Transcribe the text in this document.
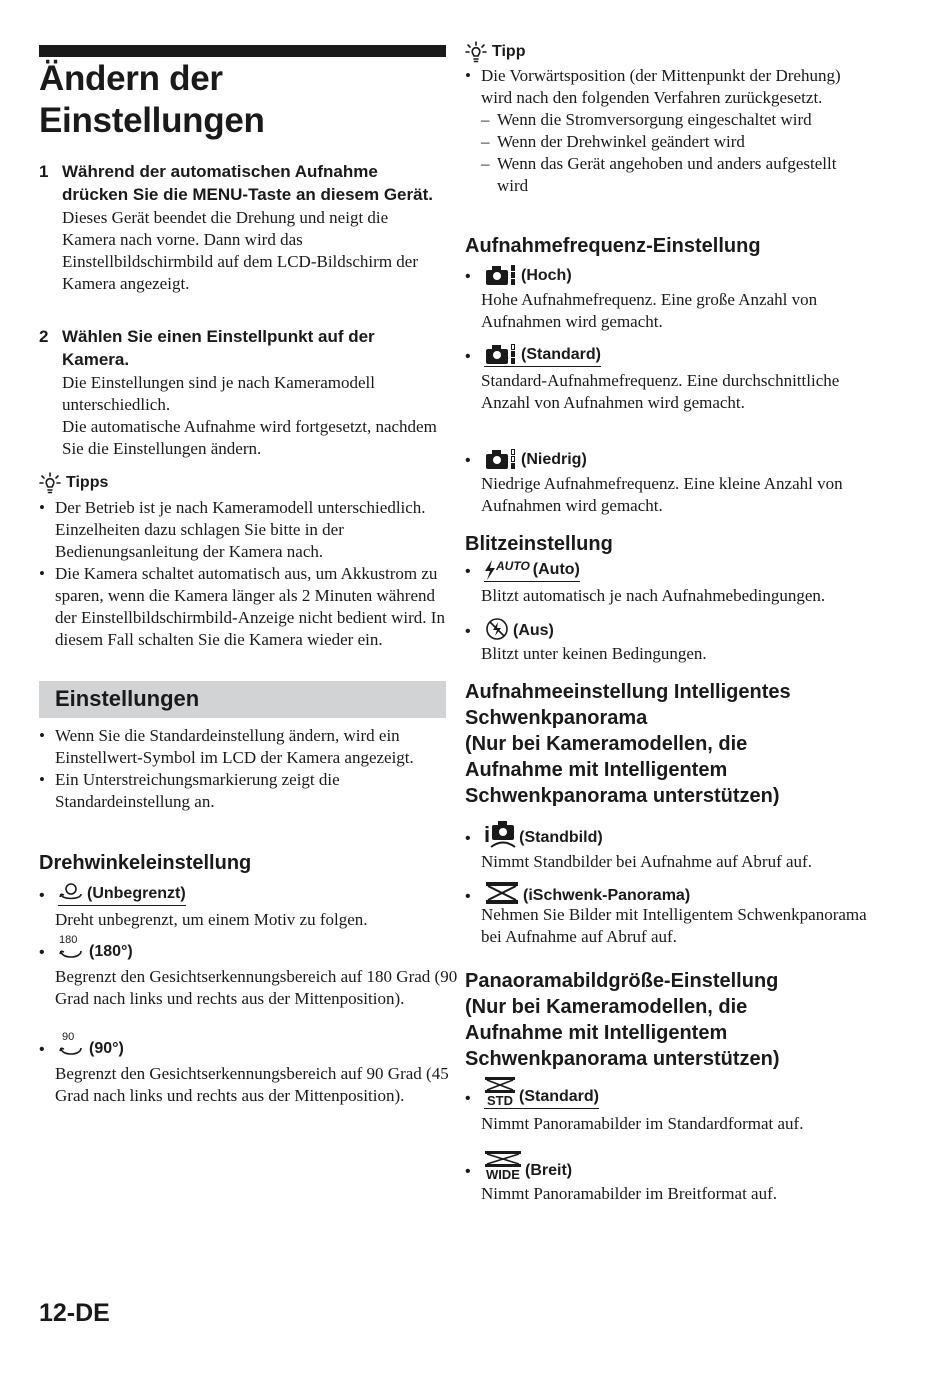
Ändern der Einstellungen
1 Während der automatischen Aufnahme drücken Sie die MENU-Taste an diesem Gerät.
Dieses Gerät beendet die Drehung und neigt die Kamera nach vorne. Dann wird das Einstellbildschirmbild auf dem LCD-Bildschirm der Kamera angezeigt.
2 Wählen Sie einen Einstellpunkt auf der Kamera.
Die Einstellungen sind je nach Kameramodell unterschiedlich.
Die automatische Aufnahme wird fortgesetzt, nachdem Sie die Einstellungen ändern.
Tipps
• Der Betrieb ist je nach Kameramodell unterschiedlich. Einzelheiten dazu schlagen Sie bitte in der Bedienungsanleitung der Kamera nach.
• Die Kamera schaltet automatisch aus, um Akkustrom zu sparen, wenn die Kamera länger als 2 Minuten während der Einstellbildschirmbild-Anzeige nicht bedient wird. In diesem Fall schalten Sie die Kamera wieder ein.
Einstellungen
• Wenn Sie die Standardeinstellung ändern, wird ein Einstellwert-Symbol im LCD der Kamera angezeigt.
• Ein Unterstreichungsmarkierung zeigt die Standardeinstellung an.
Drehwinkeleinstellung
•	(Unbegrenzt)
Dreht unbegrenzt, um einem Motiv zu folgen.
•
180
(180°)
Begrenzt den Gesichtserkennungsbereich auf 180 Grad (90 Grad nach links und rechts aus der Mittenposition).
•
90
(90°)
Begrenzt den Gesichtserkennungsbereich auf 90 Grad (45 Grad nach links und rechts aus der Mittenposition).
Tipp
• Die Vorwärtsposition (der Mittenpunkt der Drehung) wird nach den folgenden Verfahren zurückgesetzt.
– Wenn die Stromversorgung eingeschaltet wird
– Wenn der Drehwinkel geändert wird
– Wenn das Gerät angehoben und anders aufgestellt wird
Aufnahmefrequenz-Einstellung
•	(Hoch)
Hohe Aufnahmefrequenz. Eine große Anzahl von Aufnahmen wird gemacht.
•	(Standard)
Standard-Aufnahmefrequenz. Eine durchschnittliche Anzahl von Aufnahmen wird gemacht.
•	(Niedrig)
Niedrige Aufnahmefrequenz. Eine kleine Anzahl von Aufnahmen wird gemacht.
Blitzeinstellung
•	AUTO (Auto)
Blitzt automatisch je nach Aufnahmebedingungen.
•	(Aus)
Blitzt unter keinen Bedingungen.
Aufnahmeeinstellung Intelligentes
Schwenkpanorama
(Nur bei Kameramodellen, die
Aufnahme mit Intelligentem
Schwenkpanorama unterstützen)
• i (Standbild)
Nimmt Standbilder bei Aufnahme auf Abruf auf.
•	(iSchwenk-Panorama)
Nehmen Sie Bilder mit Intelligentem Schwenkpanorama bei Aufnahme auf Abruf auf.
Panaoramabildgröße-Einstellung
(Nur bei Kameramodellen, die
Aufnahme mit Intelligentem
Schwenkpanorama unterstützen)
•	STD (Standard)
Nimmt Panoramabilder im Standardformat auf.
•	WIDE (Breit)
Nimmt Panoramabilder im Breitformat auf.
12-DE
